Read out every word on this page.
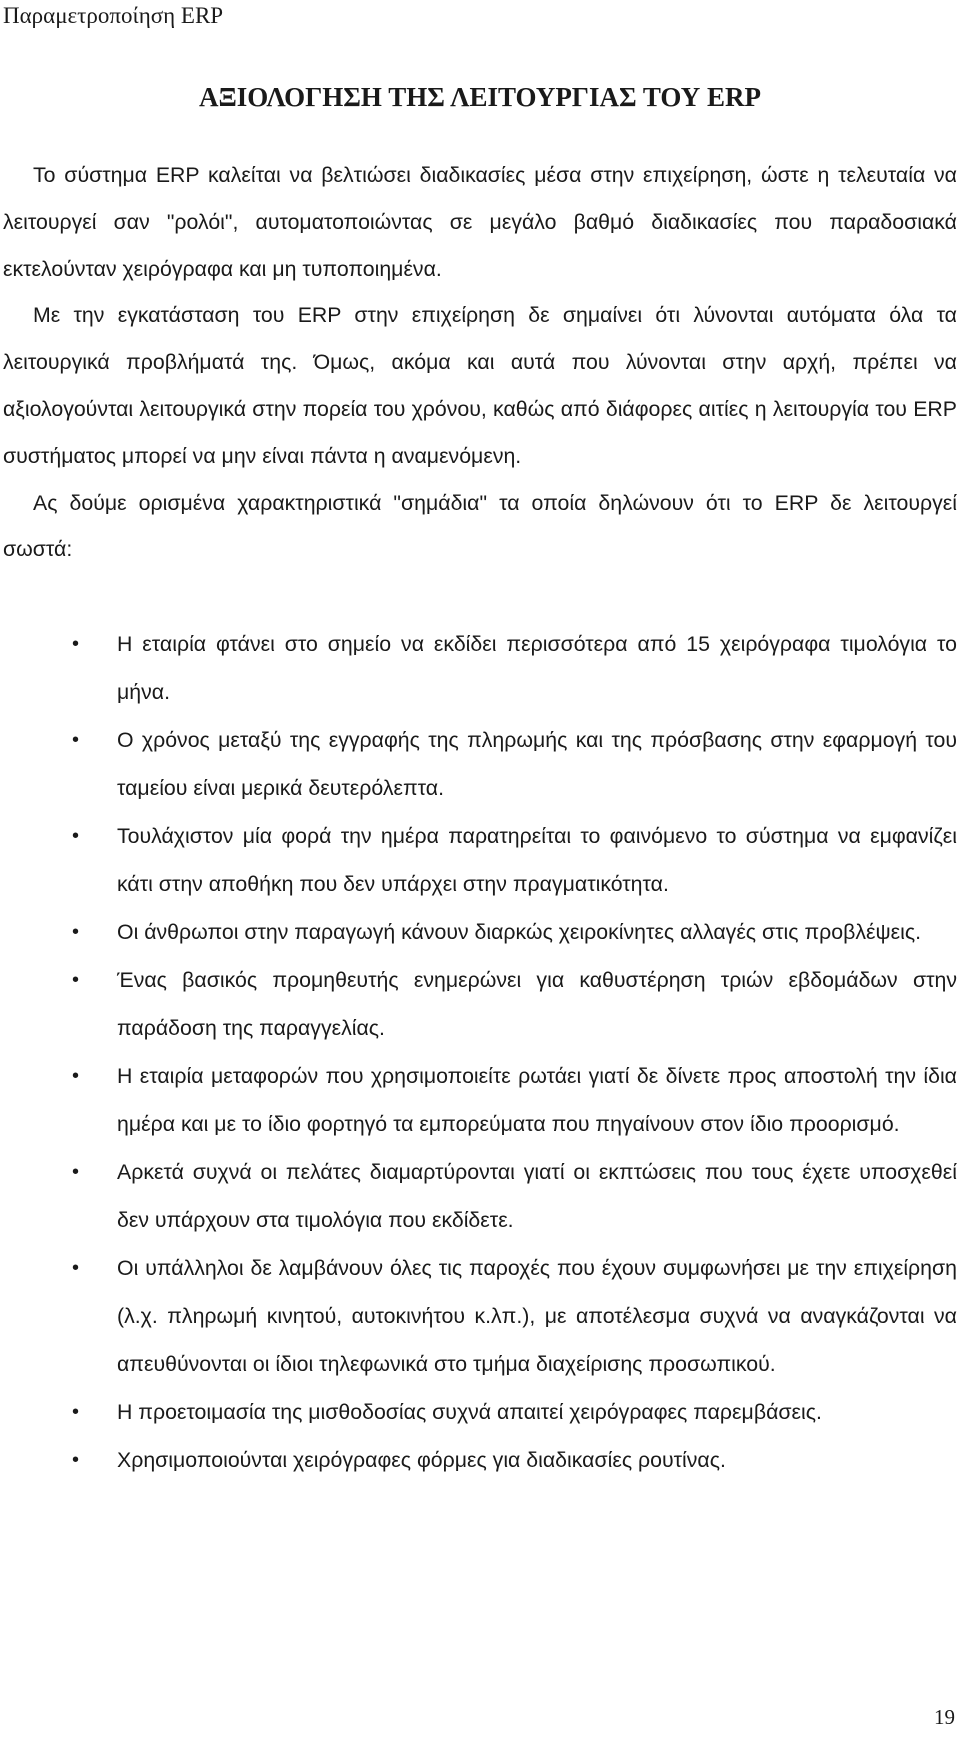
Παραμετροποίηση ERP
ΑΞΙΟΛΟΓΗΣΗ ΤΗΣ ΛΕΙΤΟΥΡΓΙΑΣ ΤΟΥ ERP

Το σύστημα ERP καλείται να βελτιώσει διαδικασίες μέσα στην επιχείρηση, ώστε η τελευταία να λειτουργεί σαν "ρολόι", αυτοματοποιώντας σε μεγάλο βαθμό διαδικασίες που παραδοσιακά εκτελούνταν χειρόγραφα και μη τυποποιημένα.

Με την εγκατάσταση του ERP στην επιχείρηση δε σημαίνει ότι λύνονται αυτόματα όλα τα λειτουργικά προβλήματά της. Όμως, ακόμα και αυτά που λύνονται στην αρχή, πρέπει να αξιολογούνται λειτουργικά στην πορεία του χρόνου, καθώς από διάφορες αιτίες η λειτουργία του ERP συστήματος μπορεί να μην είναι πάντα η αναμενόμενη.

Ας δούμε ορισμένα χαρακτηριστικά "σημάδια" τα οποία δηλώνουν ότι το ERP δε λειτουργεί σωστά:

• Η εταιρία φτάνει στο σημείο να εκδίδει περισσότερα από 15 χειρόγραφα τιμολόγια το μήνα.
• Ο χρόνος μεταξύ της εγγραφής της πληρωμής και της πρόσβασης στην εφαρμογή του ταμείου είναι μερικά δευτερόλεπτα.
• Τουλάχιστον μία φορά την ημέρα παρατηρείται το φαινόμενο το σύστημα να εμφανίζει κάτι στην αποθήκη που δεν υπάρχει στην πραγματικότητα.
• Οι άνθρωποι στην παραγωγή κάνουν διαρκώς χειροκίνητες αλλαγές στις προβλέψεις.
• Ένας βασικός προμηθευτής ενημερώνει για καθυστέρηση τριών εβδομάδων στην παράδοση της παραγγελίας.
• Η εταιρία μεταφορών που χρησιμοποιείτε ρωτάει γιατί δε δίνετε προς αποστολή την ίδια ημέρα και με το ίδιο φορτηγό τα εμπορεύματα που πηγαίνουν στον ίδιο προορισμό.
• Αρκετά συχνά οι πελάτες διαμαρτύρονται γιατί οι εκπτώσεις που τους έχετε υποσχεθεί δεν υπάρχουν στα τιμολόγια που εκδίδετε.
• Οι υπάλληλοι δε λαμβάνουν όλες τις παροχές που έχουν συμφωνήσει με την επιχείρηση (λ.χ. πληρωμή κινητού, αυτοκινήτου κ.λπ.), με αποτέλεσμα συχνά να αναγκάζονται να απευθύνονται οι ίδιοι τηλεφωνικά στο τμήμα διαχείρισης προσωπικού.
• Η προετοιμασία της μισθοδοσίας συχνά απαιτεί χειρόγραφες παρεμβάσεις.
• Χρησιμοποιούνται χειρόγραφες φόρμες για διαδικασίες ρουτίνας.
19
